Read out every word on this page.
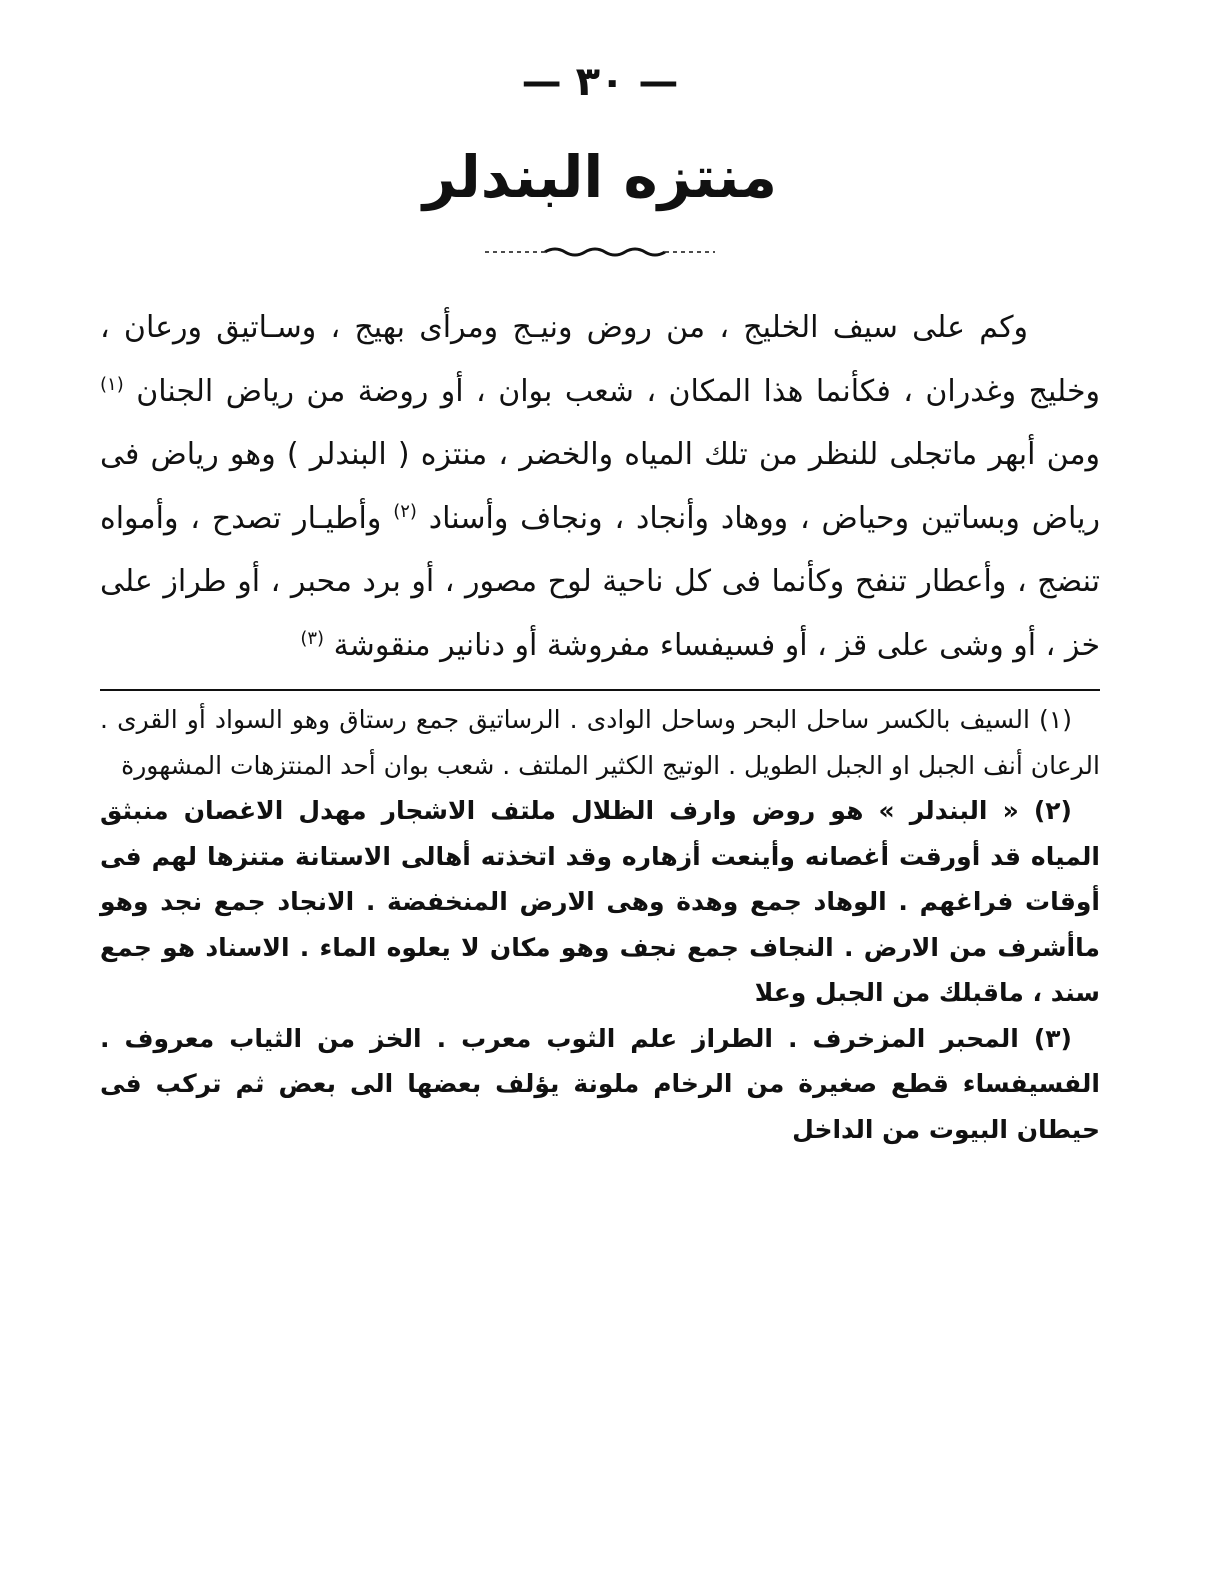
— ٣٠ —
منتزه البندلر

وكم على سيف الخليج ، من روض ونيـج ومرأى بهيج ، وسـاتيق ورعان ، وخليج وغدران ، فكأنما هذا المكان ، شعب بوان ، أو روضة من رياض الجنان $^{(١)}$ ومن أبهر ماتجلى للنظر من تلك المياه والخضر ، منتزه ( البندلر ) وهو رياض فى رياض وبساتين وحياض ، ووهاد وأنجاد ، ونجاف وأسناد $^{(٢)}$ وأطيـار تصدح ، وأمواه تنضج ، وأعطار تنفح وكأنما فى كل ناحية لوح مصور ، أو برد محبر ، أو طراز على خز ، أو وشى على قز ، أو فسيفساء مفروشة أو دنانير منقوشة $^{(٣)}$

(١) السيف بالكسر ساحل البحر وساحل الوادى . الرساتيق جمع رستاق وهو السواد أو القرى . الرعان أنف الجبل او الجبل الطويل . الوتيج الكثير الملتف . شعب بوان أحد المنتزهات المشهورة

(٢) « البندلر » هو روض وارف الظلال ملتف الاشجار مهدل الاغصان منبثق المياه قد أورقت أغصانه وأينعت أزهاره وقد اتخذته أهالى الاستانة متنزها لهم فى أوقات فراغهم . الوهاد جمع وهدة وهى الارض المنخفضة . الانجاد جمع نجد وهو ماأشرف من الارض . النجاف جمع نجف وهو مكان لا يعلوه الماء . الاسناد هو جمع سند ، ماقبلك من الجبل وعلا

(٣) المحبر المزخرف . الطراز علم الثوب معرب . الخز من الثياب معروف . الفسيفساء قطع صغيرة من الرخام ملونة يؤلف بعضها الى بعض ثم تركب فى حيطان البيوت من الداخل
